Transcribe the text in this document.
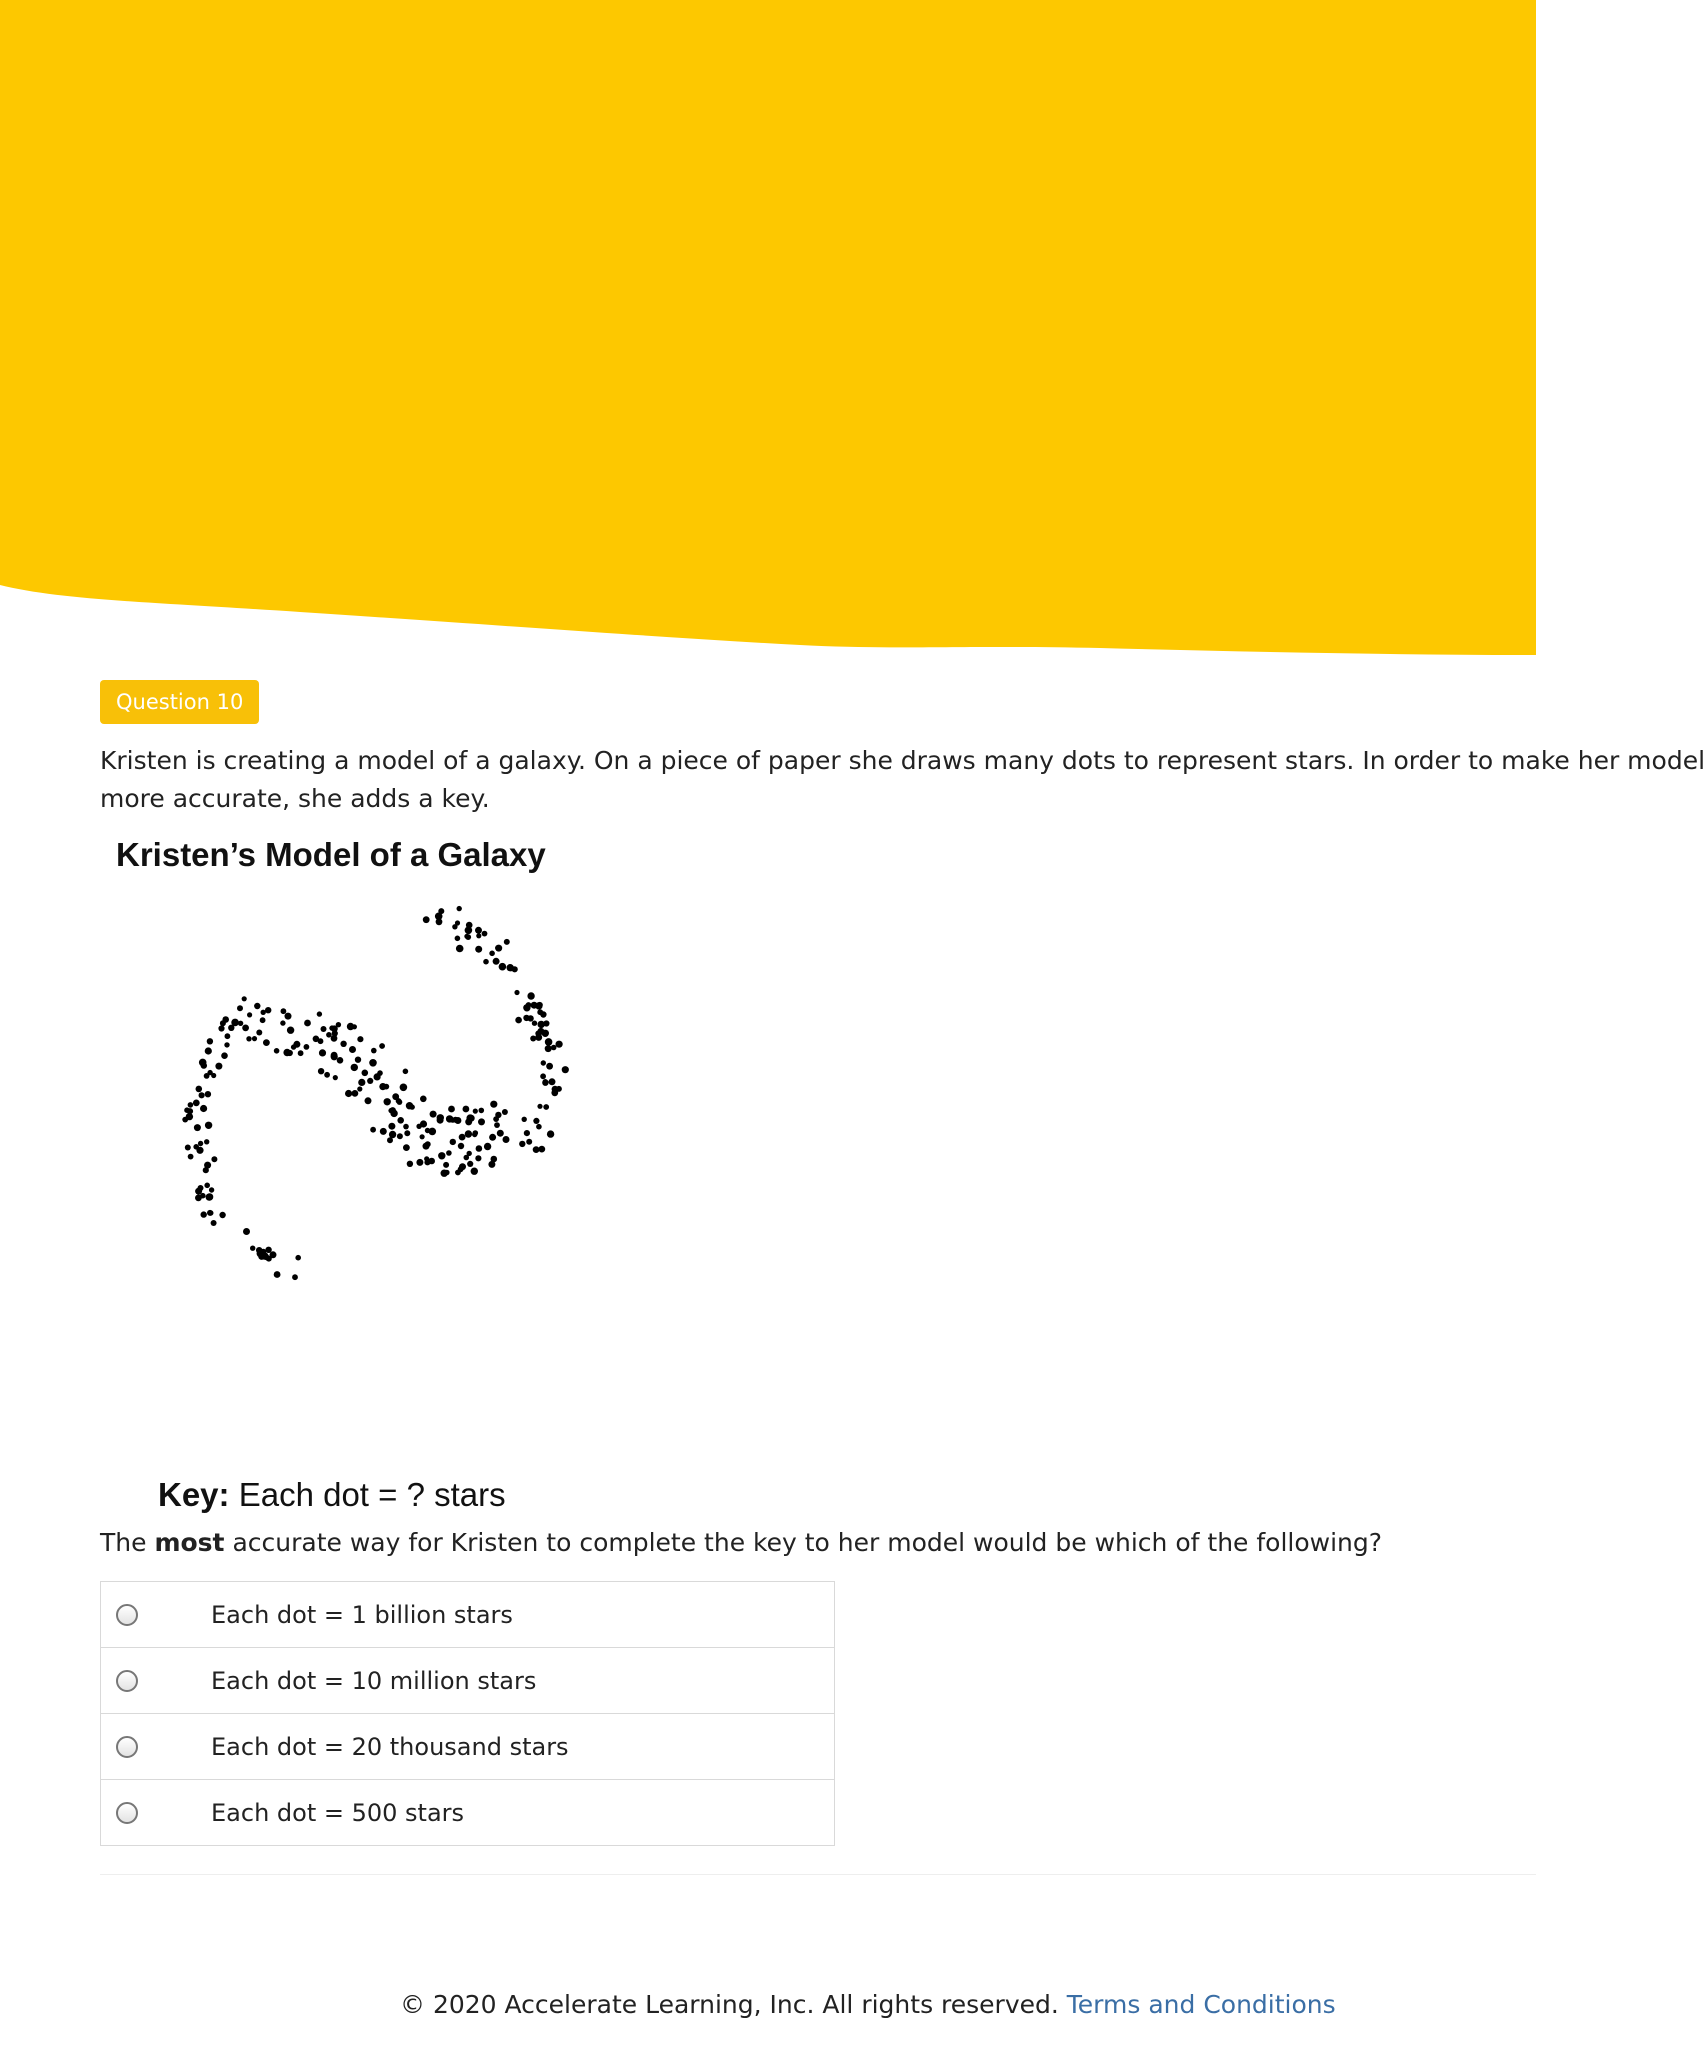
Question 10
Kristen is creating a model of a galaxy. On a piece of paper she draws many dots to represent stars. In order to make her model
more accurate, she adds a key.
Kristen’s Model of a Galaxy
Key: Each dot = ? stars
The most accurate way for Kristen to complete the key to her model would be which of the following?
Each dot = 1 billion stars
Each dot = 10 million stars
Each dot = 20 thousand stars
Each dot = 500 stars
© 2020 Accelerate Learning, Inc. All rights reserved. Terms and Conditions
